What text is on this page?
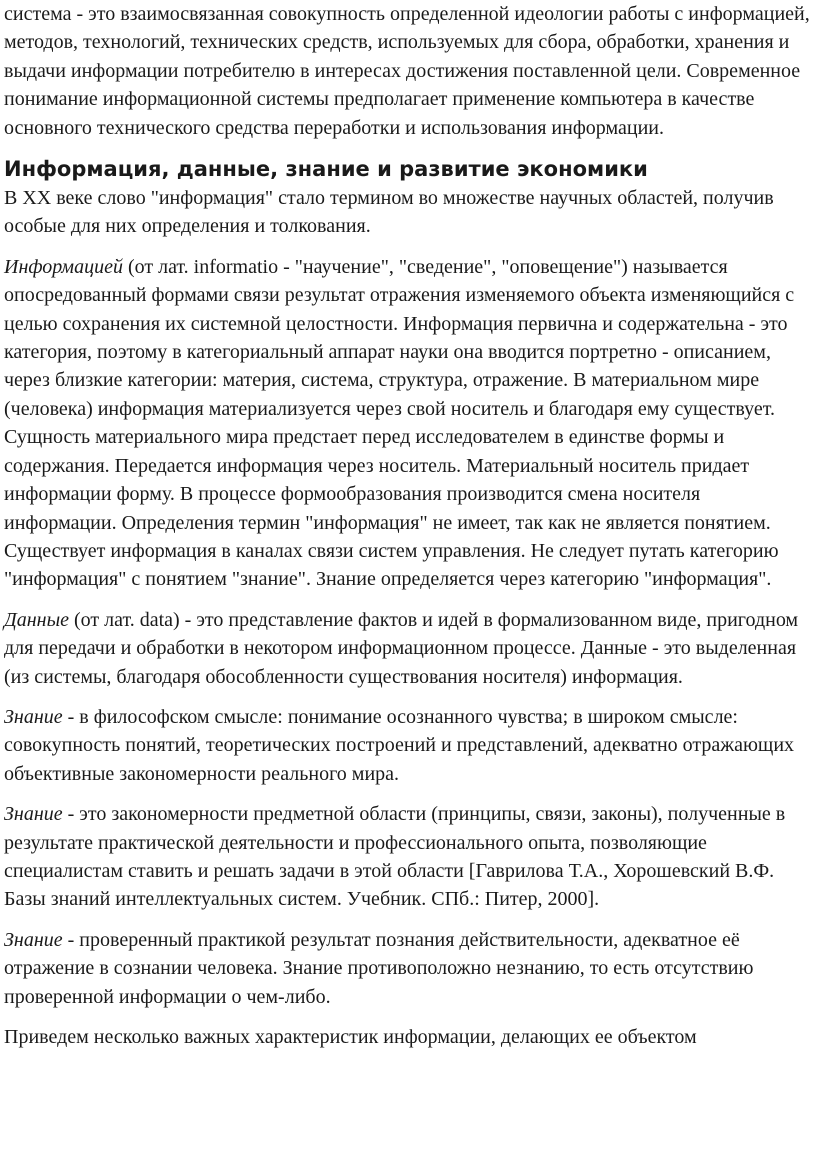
система - это взаимосвязанная совокупность определенной идеологии работы с информацией, методов, технологий, технических средств, используемых для сбора, обработки, хранения и выдачи информации потребителю в интересах достижения поставленной цели. Современное понимание информационной системы предполагает применение компьютера в качестве основного технического средства переработки и использования информации.

Информация, данные, знание и развитие экономики

В XX веке слово "информация" стало термином во множестве научных областей, получив особые для них определения и толкования.

Информацией (от лат. informatio - "научение", "сведение", "оповещение") называется опосредованный формами связи результат отражения изменяемого объекта изменяющийся с целью сохранения их системной целостности. Информация первична и содержательна - это категория, поэтому в категориальный аппарат науки она вводится портретно - описанием, через близкие категории: материя, система, структура, отражение. В материальном мире (человека) информация материализуется через свой носитель и благодаря ему существует. Сущность материального мира предстает перед исследователем в единстве формы и содержания. Передается информация через носитель. Материальный носитель придает информации форму. В процессе формообразования производится смена носителя информации. Определения термин "информация" не имеет, так как не является понятием. Существует информация в каналах связи систем управления. Не следует путать категорию "информация" с понятием "знание". Знание определяется через категорию "информация".

Данные (от лат. data) - это представление фактов и идей в формализованном виде, пригодном для передачи и обработки в некотором информационном процессе. Данные - это выделенная (из системы, благодаря обособленности существования носителя) информация.

Знание - в философском смысле: понимание осознанного чувства; в широком смысле: совокупность понятий, теоретических построений и представлений, адекватно отражающих объективные закономерности реального мира.

Знание - это закономерности предметной области (принципы, связи, законы), полученные в результате практической деятельности и профессионального опыта, позволяющие специалистам ставить и решать задачи в этой области [Гаврилова Т.А., Хорошевский В.Ф. Базы знаний интеллектуальных систем. Учебник. СПб.: Питер, 2000].

Знание - проверенный практикой результат познания действительности, адекватное её отражение в сознании человека. Знание противоположно незнанию, то есть отсутствию проверенной информации о чем-либо.

Приведем несколько важных характеристик информации, делающих ее объектом
